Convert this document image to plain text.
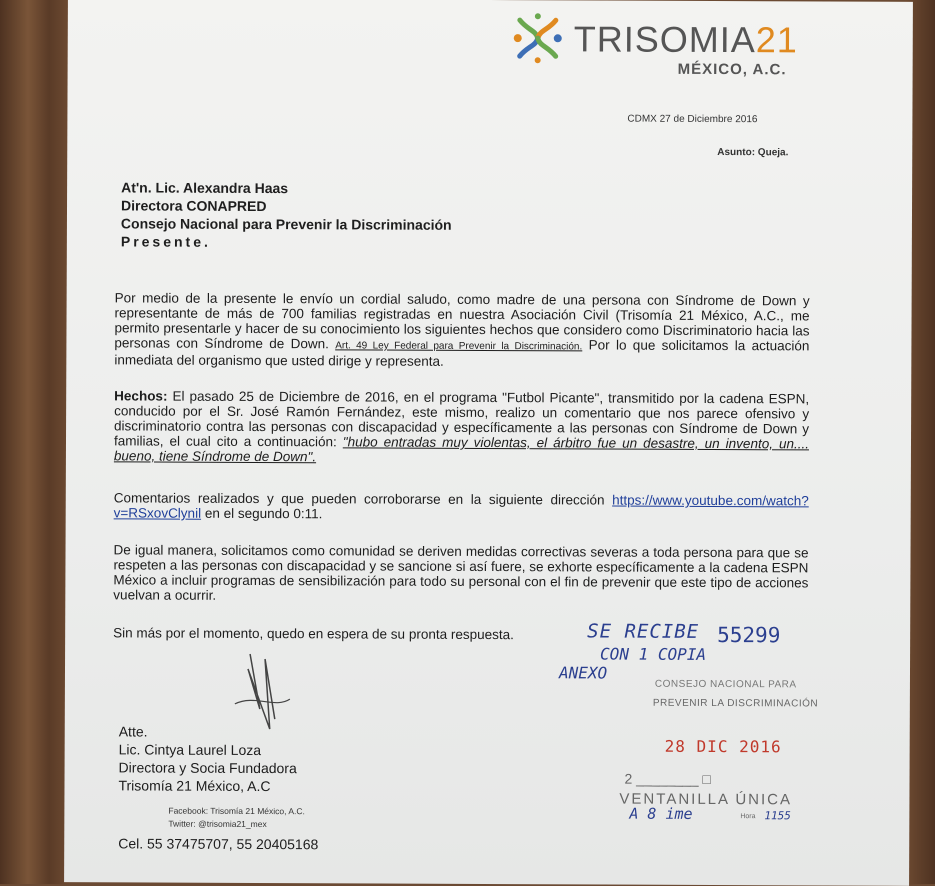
TRISOMIA21
MÉXICO, A.C.
CDMX 27 de Diciembre 2016
Asunto: Queja.
At'n. Lic. Alexandra Haas
Directora CONAPRED
Consejo Nacional para Prevenir la Discriminación
Presente.
Por medio de la presente le envío un cordial saludo, como madre de una persona con Síndrome de Down y representante de más de 700 familias registradas en nuestra Asociación Civil (Trisomía 21 México, A.C., me permito presentarle y hacer de su conocimiento los siguientes hechos que considero como Discriminatorio hacia las personas con Síndrome de Down. Art. 49 Ley Federal para Prevenir la Discriminación. Por lo que solicitamos la actuación inmediata del organismo que usted dirige y representa.
Hechos: El pasado 25 de Diciembre de 2016, en el programa "Futbol Picante", transmitido por la cadena ESPN, conducido por el Sr. José Ramón Fernández, este mismo, realizo un comentario que nos parece ofensivo y discriminatorio contra las personas con discapacidad y específicamente a las personas con Síndrome de Down y familias, el cual cito a continuación: "hubo entradas muy violentas, el árbitro fue un desastre, un invento, un.... bueno, tiene Síndrome de Down".
Comentarios realizados y que pueden corroborarse en la siguiente dirección https://www.youtube.com/watch?v=RSxovClynil en el segundo 0:11.
De igual manera, solicitamos como comunidad se deriven medidas correctivas severas a toda persona para que se respeten a las personas con discapacidad y se sancione si así fuere, se exhorte específicamente a la cadena ESPN México a incluir programas de sensibilización para todo su personal con el fin de prevenir que este tipo de acciones vuelvan a ocurrir.
Sin más por el momento, quedo en espera de su pronta respuesta.
Atte.
Lic. Cintya Laurel Loza
Directora y Socia Fundadora
Trisomía 21 México, A.C
Facebook: Trisomía 21 México, A.C.
Twitter: @trisomia21_mex
Cel. 55 37475707, 55 20405168
SE RECIBE 55299
CON 1 COPIA
ANEXO
CONSEJO NACIONAL PARA
PREVENIR LA DISCRIMINACIÓN
28 DIC 2016
2 ________ □
VENTANILLA ÚNICA
A 8 ime	Hora 1155
